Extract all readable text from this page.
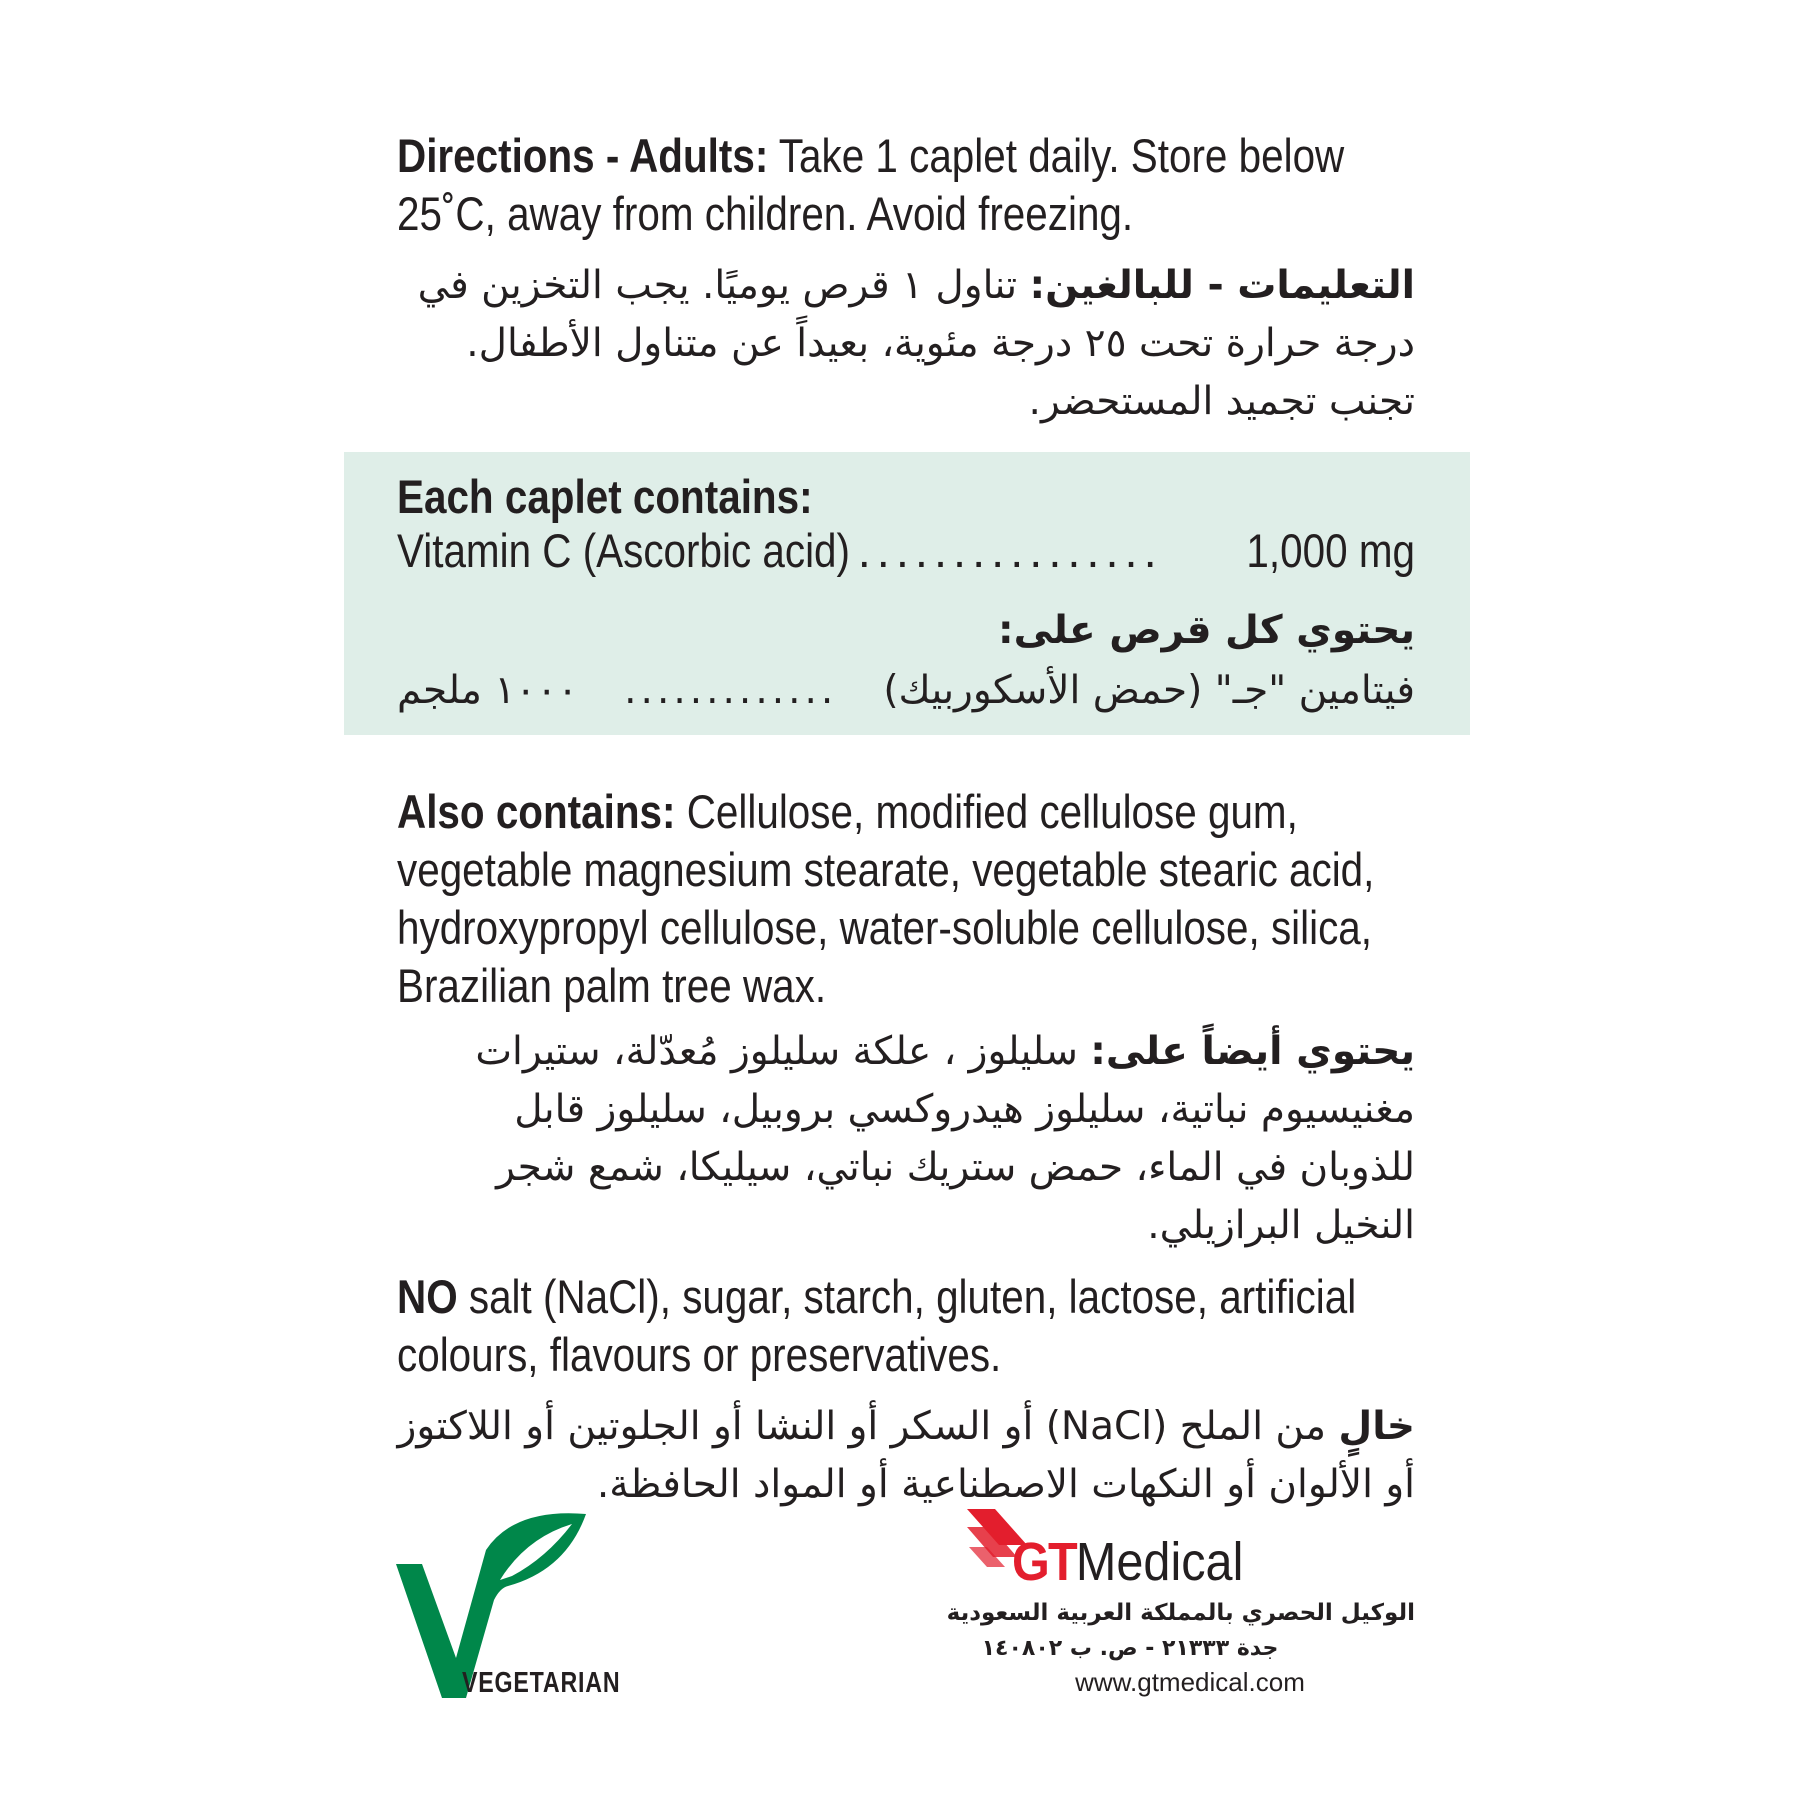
Directions - Adults: Take 1 caplet daily. Store below 25˚C, away from children. Avoid freezing.
التعليمات - للبالغين: تناول ١ قرص يوميًا. يجب التخزين في درجة حرارة تحت ٢٥ درجة مئوية، بعيداً عن متناول الأطفال. تجنب تجميد المستحضر.
Each caplet contains:
Vitamin C (Ascorbic acid) ................	1,000 mg
يحتوي كل قرص على:
فيتامين "جـ" (حمض الأسكوربيك)
.............
١٠٠٠ ملجم
Also contains: Cellulose, modified cellulose gum, vegetable magnesium stearate, vegetable stearic acid, hydroxypropyl cellulose, water-soluble cellulose, silica, Brazilian palm tree wax.
يحتوي أيضاً على: سليلوز ، علكة سليلوز مُعدّلة، ستيرات مغنيسيوم نباتية، سليلوز هيدروكسي بروبيل، سليلوز قابل للذوبان في الماء، حمض ستريك نباتي، سيليكا، شمع شجر النخيل البرازيلي.
NO salt (NaCl), sugar, starch, gluten, lactose, artificial colours, flavours or preservatives.
خالٍ من الملح (NaCl) أو السكر أو النشا أو الجلوتين أو اللاكتوز أو الألوان أو النكهات الاصطناعية أو المواد الحافظة.
VEGETARIAN
GTMedical
الوكيل الحصري بالمملكة العربية السعودية
جدة ٢١٣٣٣ - ص. ب ١٤٠٨٠٢
www.gtmedical.com
